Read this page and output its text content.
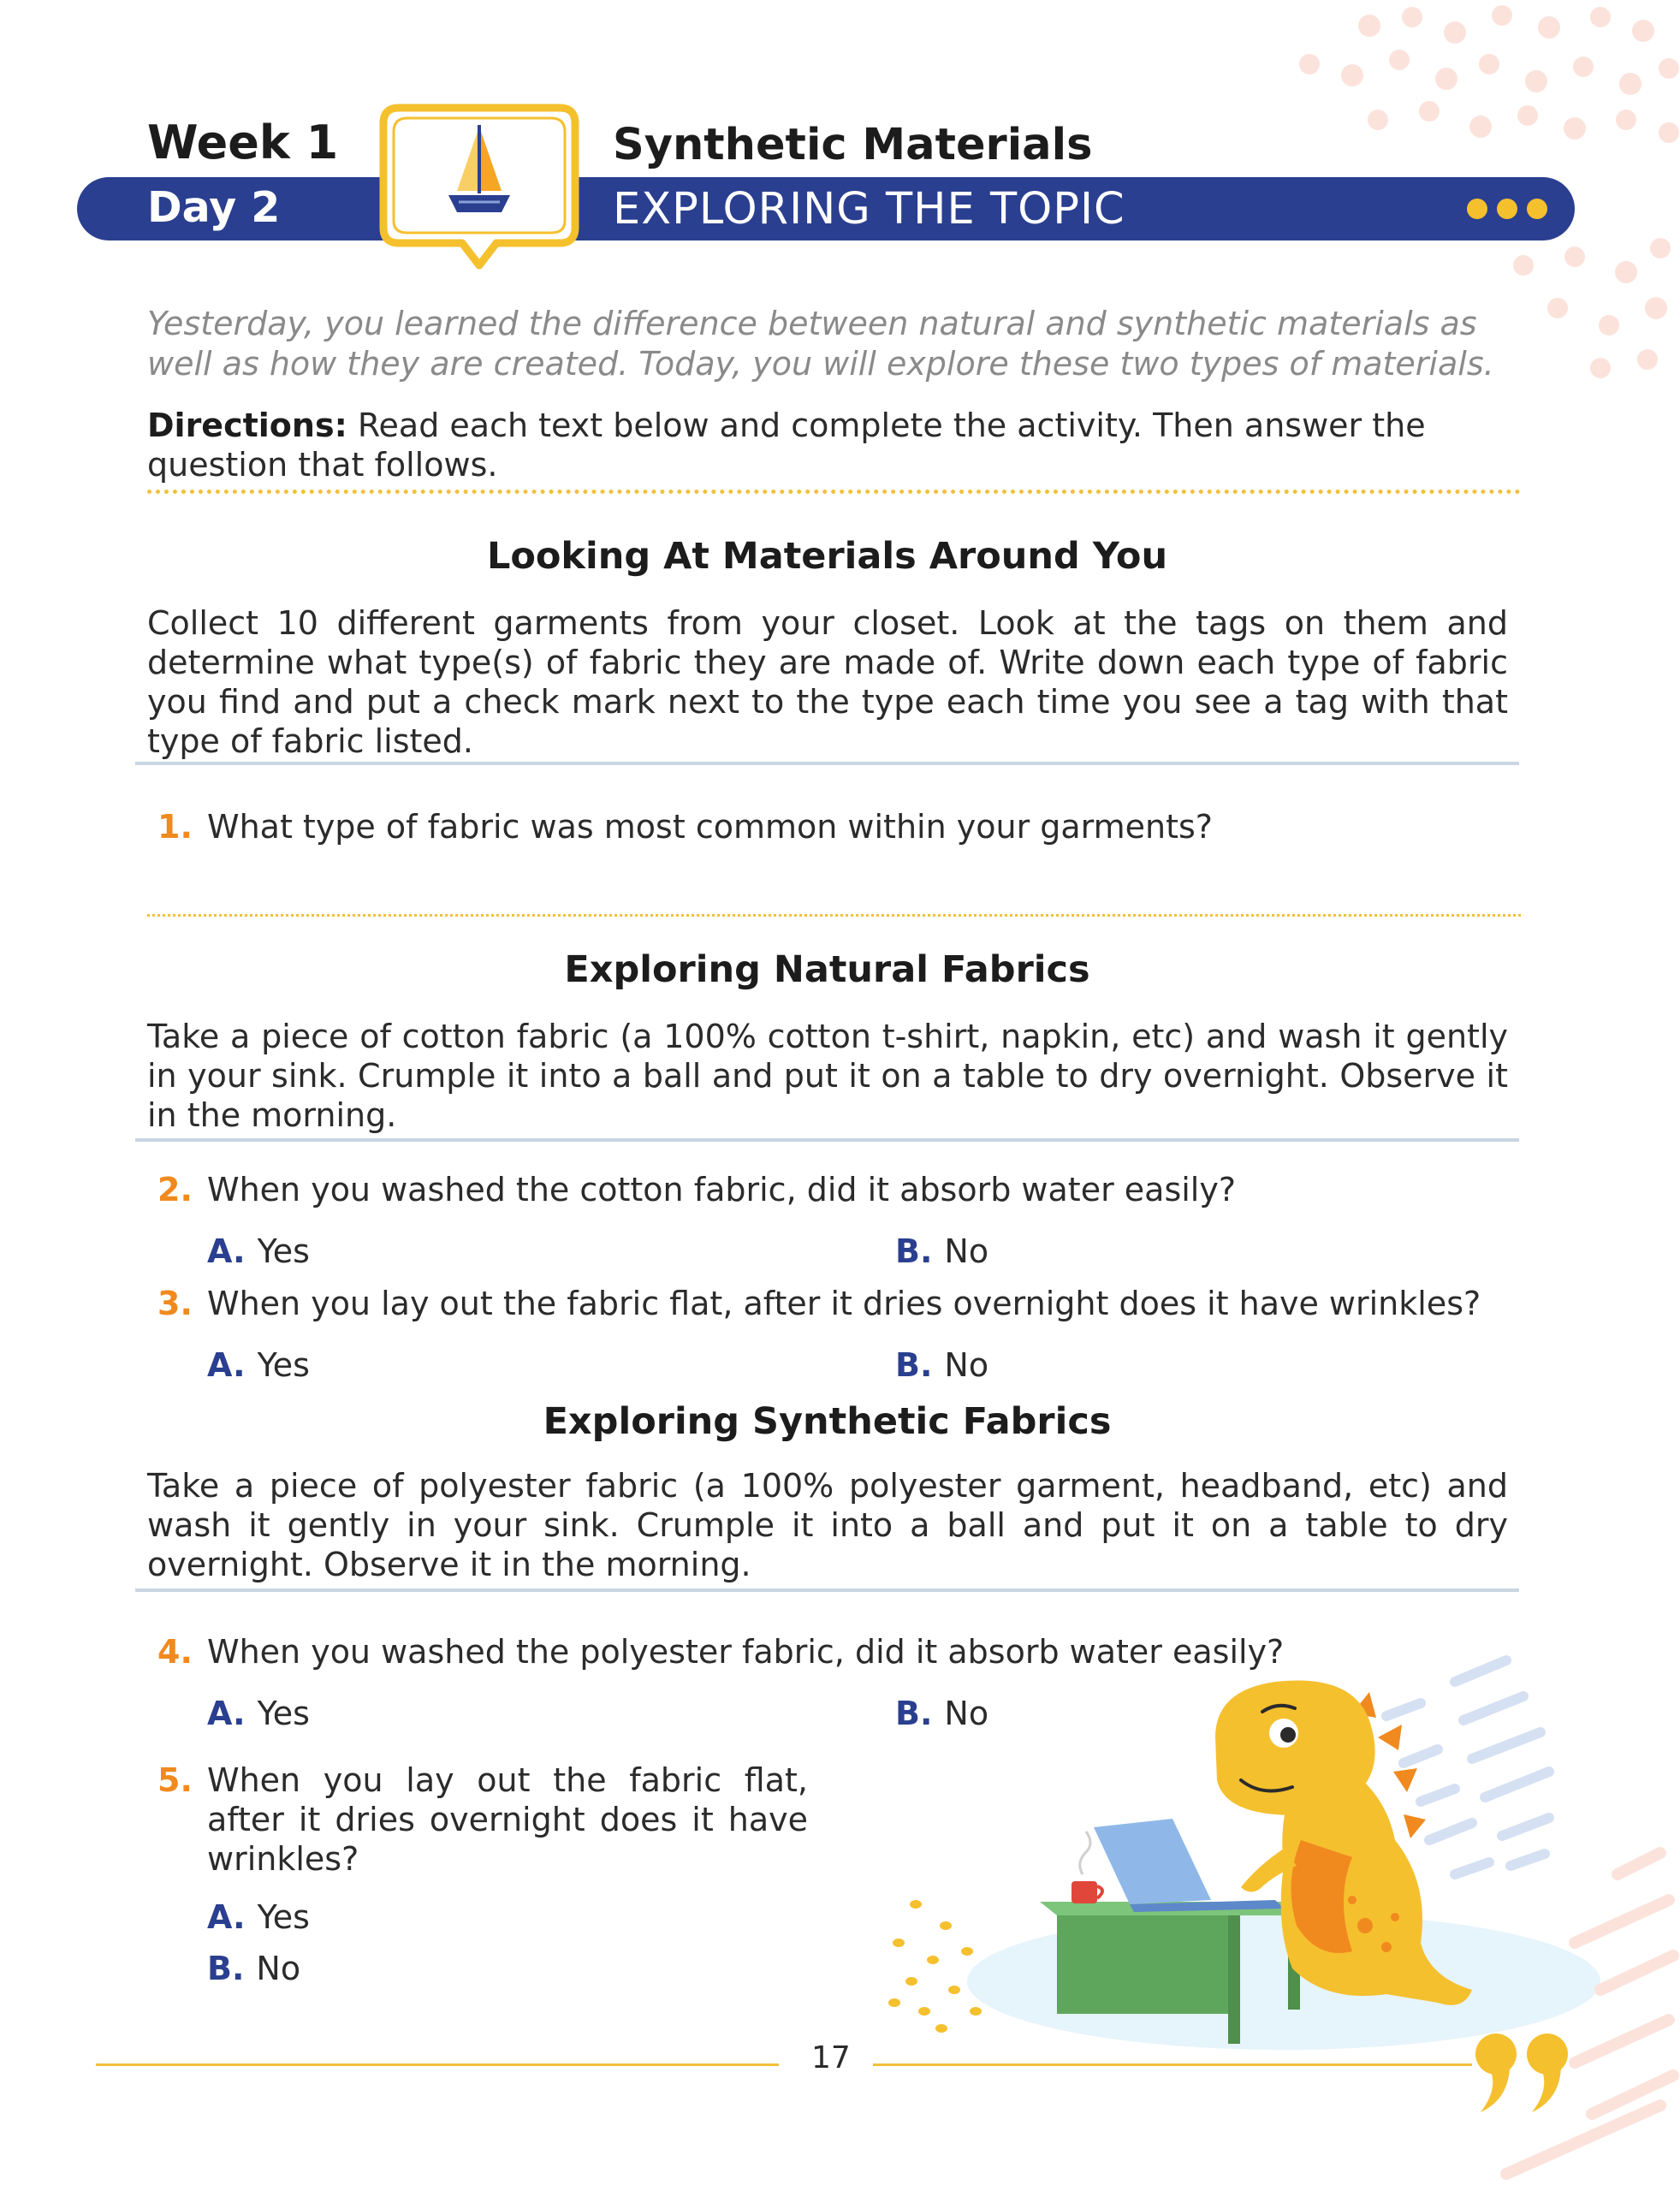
Week 1
Day 2
Synthetic Materials
EXPLORING THE TOPIC
Yesterday, you learned the difference between natural and synthetic materials as well as how they are created. Today, you will explore these two types of materials.
Directions: Read each text below and complete the activity. Then answer the question that follows.
Looking At Materials Around You
Collect 10 different garments from your closet. Look at the tags on them and determine what type(s) of fabric they are made of. Write down each type of fabric you find and put a check mark next to the type each time you see a tag with that type of fabric listed.
1. What type of fabric was most common within your garments?
Exploring Natural Fabrics
Take a piece of cotton fabric (a 100% cotton t-shirt, napkin, etc) and wash it gently in your sink. Crumple it into a ball and put it on a table to dry overnight. Observe it in the morning.
2. When you washed the cotton fabric, did it absorb water easily?
A. Yes	B. No
3. When you lay out the fabric flat, after it dries overnight does it have wrinkles?
A. Yes	B. No
Exploring Synthetic Fabrics
Take a piece of polyester fabric (a 100% polyester garment, headband, etc) and wash it gently in your sink. Crumple it into a ball and put it on a table to dry overnight. Observe it in the morning.
4. When you washed the polyester fabric, did it absorb water easily?
A. Yes	B. No
5. When you lay out the fabric flat, after it dries overnight does it have wrinkles?
A. Yes
B. No
17
